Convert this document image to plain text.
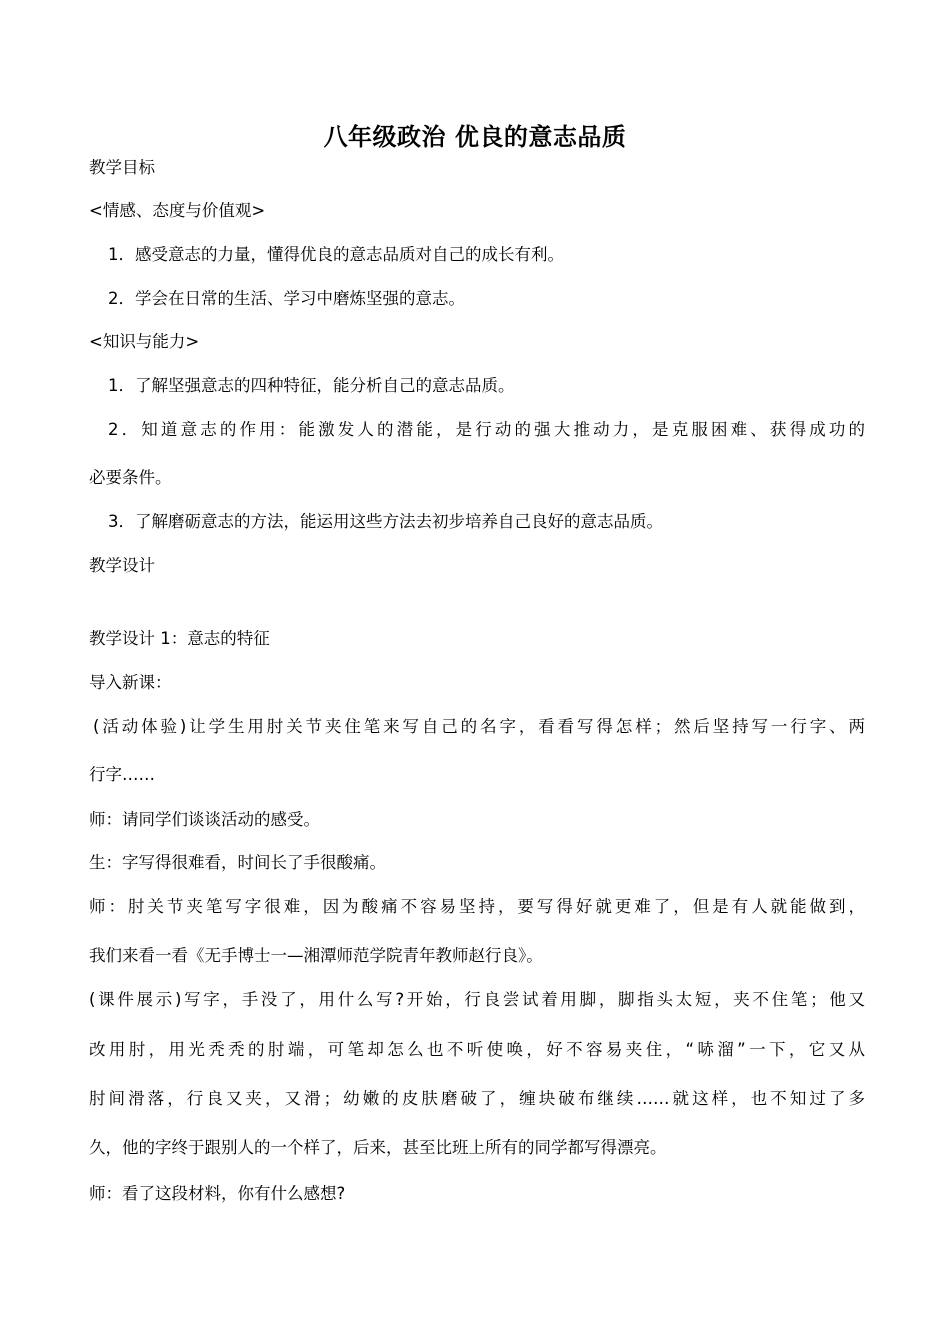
八年级政治 优良的意志品质
教学目标
<情感、态度与价值观>
1．感受意志的力量，懂得优良的意志品质对自己的成长有利。
2．学会在日常的生活、学习中磨炼坚强的意志。
<知识与能力>
1．了解坚强意志的四种特征，能分析自己的意志品质。
2．知道意志的作用：能激发人的潜能，是行动的强大推动力，是克服困难、获得成功的
必要条件。
3．了解磨砺意志的方法，能运用这些方法去初步培养自己良好的意志品质。
教学设计
教学设计 1：意志的特征
导入新课：
(活动体验)让学生用肘关节夹住笔来写自己的名字，看看写得怎样；然后坚持写一行字、两
行字……
师：请同学们谈谈活动的感受。
生：字写得很难看，时间长了手很酸痛。
师：肘关节夹笔写字很难，因为酸痛不容易坚持，要写得好就更难了，但是有人就能做到，
我们来看一看《无手博士一—湘潭师范学院青年教师赵行良》。
(课件展示)写字，手没了，用什么写?开始，行良尝试着用脚，脚指头太短，夹不住笔；他又
改用肘，用光秃秃的肘端，可笔却怎么也不听使唤，好不容易夹住，“哧溜”一下，它又从
肘间滑落，行良又夹，又滑；幼嫩的皮肤磨破了，缠块破布继续……就这样，也不知过了多
久，他的字终于跟别人的一个样了，后来，甚至比班上所有的同学都写得漂亮。
师：看了这段材料，你有什么感想?
